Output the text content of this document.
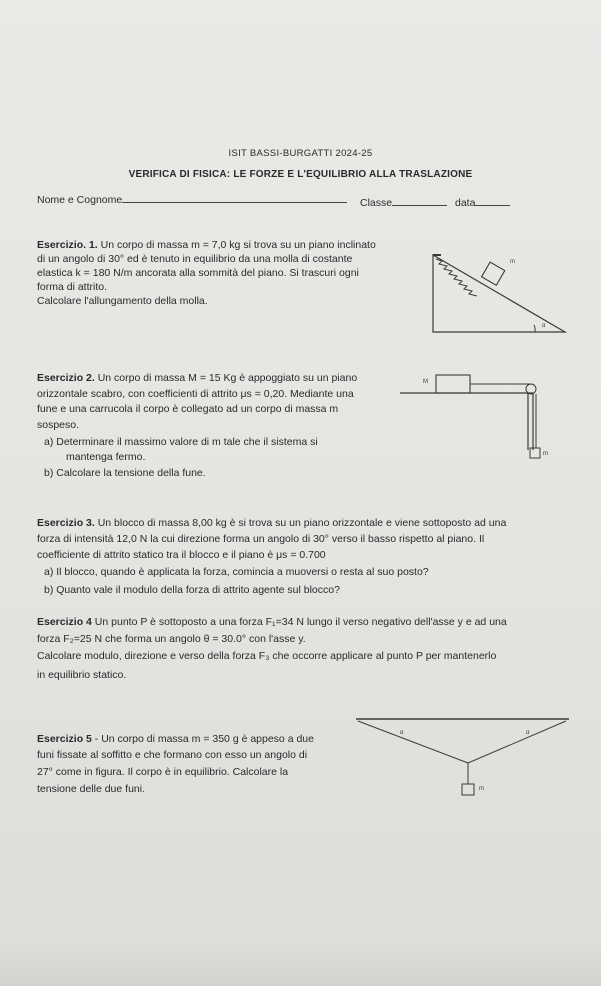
ISIT BASSI-BURGATTI 2024-25
VERIFICA DI FISICA: LE FORZE E L'EQUILIBRIO ALLA TRASLAZIONE
Nome e Cognome	Classe	data
Esercizio. 1. Un corpo di massa m = 7,0 kg si trova su un piano inclinato
di un angolo di 30° ed è tenuto in equilibrio da una molla di costante
elastica k = 180 N/m ancorata alla sommità del piano. Si trascuri ogni
forma di attrito.
Calcolare l'allungamento della molla.
m
α
Esercizio 2. Un corpo di massa M = 15 Kg è appoggiato su un piano
orizzontale scabro, con coefficienti di attrito μs = 0,20. Mediante una
fune e una carrucola il corpo è collegato ad un corpo di massa m
sospeso.
a) Determinare il massimo valore di m tale che il sistema si
mantenga fermo.
b) Calcolare la tensione della fune.
M
m
Esercizio 3. Un blocco di massa 8,00 kg è si trova su un piano orizzontale e viene sottoposto ad una
forza di intensità 12,0 N la cui direzione forma un angolo di 30° verso il basso rispetto al piano. Il
coefficiente di attrito statico tra il blocco e il piano è μs = 0.700
a) Il blocco, quando è applicata la forza, comincia a muoversi o resta al suo posto?
b) Quanto vale il modulo della forza di attrito agente sul blocco?
Esercizio 4 Un punto P è sottoposto a una forza F₁=34 N lungo il verso negativo dell'asse y e ad una
forza F₂=25 N che forma un angolo θ = 30.0° con l'asse y.
Calcolare modulo, direzione e verso della forza F₃ che occorre applicare al punto P per mantenerlo
in equilibrio statico.
Esercizio 5 - Un corpo di massa m = 350 g è appeso a due
funi fissate al soffitto e che formano con esso un angolo di
27° come in figura. Il corpo è in equilibrio. Calcolare la
tensione delle due funi.
α	α
m
